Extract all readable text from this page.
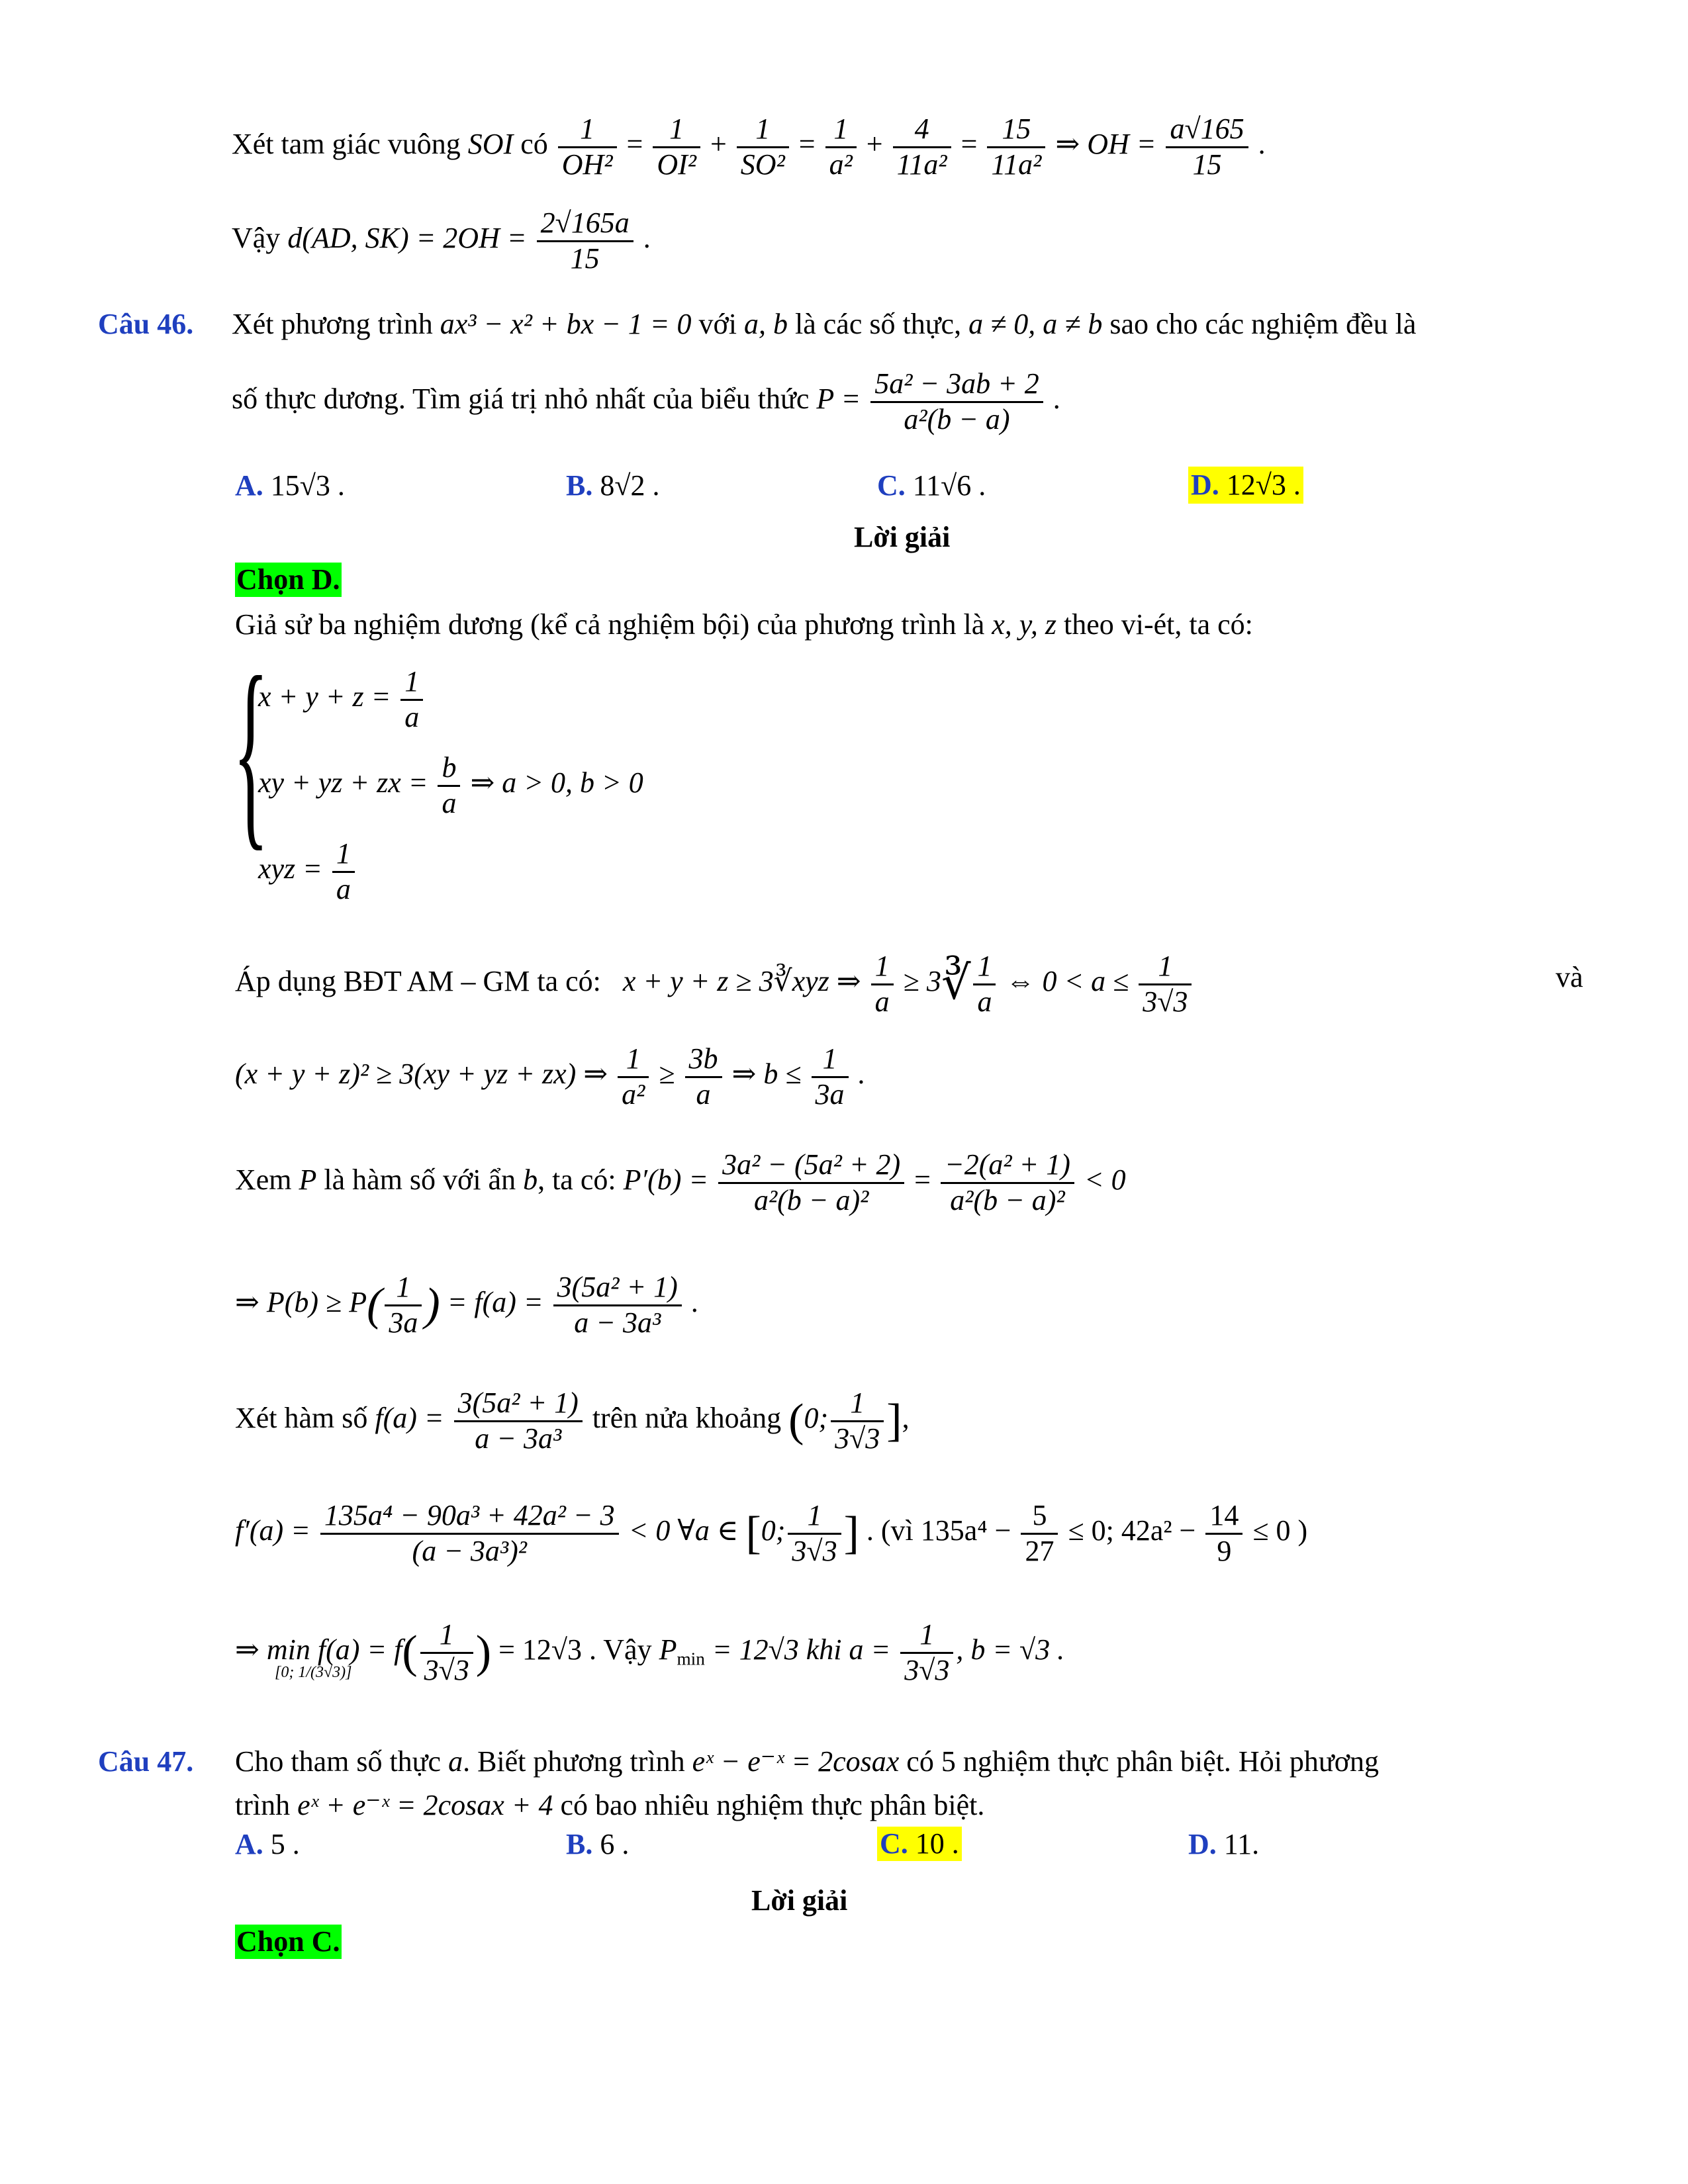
Xét tam giác vuông SOI có $\frac{1}{\text{OH²}} = \frac{1}{\text{OI²}} + \frac{1}{\text{SO²}} = \frac{1}{\text{a²}} + \frac{4}{\text{11a²}} = \frac{15}{\text{11a²}}$ ⇒ OH = $\frac{a√165}{15}$ .
Vậy d(AD, $SK) = 2OH = \frac{2√165a}{15}$ .
Câu 46. Xét phương trình ax³ − x² + bx − 1 = 0 với a, b là các số thực, a ≠ 0, a ≠ b sao cho các nghiệm đều là
số thực dương. Tìm giá trị nhỏ nhất của biểu thức $P = \frac{\text{5a² − 3ab + 2}}{\text{a²(b − a)}}$ .
A. 15√3 .	B. 8√2 .	C. 11√6 .	D. 12√3 .
Lời giải
Chọn D.
Giả sử ba nghiệm dương (kể cả nghiệm bội) của phương trình là x, y, z theo vi-ét, ta có:
{
$x + y + z = \frac{1}{a}$
xy + yz + zx = $\frac{b}{a}$ ⇒ a > 0, b > 0
xyz = $\frac{1}{a}$
Áp dụng BĐT AM – GM ta có: x + y + z ≥ 3∛xyz ⇒ $\frac{1}{a}$ ≥ 3∛ $\frac{1}{a}$ ⇔ $0 < a \le \frac{1}{3√3}$	và
(x + y + z)² ≥ 3(xy + yz + zx) ⇒ $\frac{1}{\text{a²}} \ge \frac{3b}{a}$ ⇒ $b \le \frac{1}{3a}$ .
Xem P là hàm số với ẩn b, ta có: $P'(b) = \frac{\text{3a² − (5a² + 2)}}{\text{a²(b − a)²}} = \frac{\text{−2(a² + 1)}}{\text{a²(b − a)²}} < 0$
⇒ $P(b) \ge P( \frac{1}{3a}$ ) = $f(a) = \frac{\text{3(5a² + 1)}}{\text{a − 3a³}}$ .
Xét hàm số $f(a) = \frac{\text{3(5a² + 1)}}{\text{a − 3a³}}$ trên nửa khoảng (0; $\frac{1}{3√3}$ ],
$f'(a) = \frac{\text{135a⁴ − 90a³ + 42a² − 3}}{\text{(a − 3a³)²}} < 0$ ∀a ∈ [0; $\frac{1}{3√3}$ ] . (vì $135a^4 - \frac{5}{27} \le 0$; $42a^2 - \frac{14}{9} \le 0$ )
⇒ $\min f(a) = f( \frac{1}{3√3}$ ) = 12√3 . Vậy $P_{min} = 12√3$ khi $a = \frac{1}{3√3}$ , b = √3 .
[0; 1/(3√3)]
Câu 47. Cho tham số thực a. Biết phương trình eˣ − e⁻ˣ = 2cosax có 5 nghiệm thực phân biệt. Hỏi phương
trình eˣ + e⁻ˣ = 2cosax + 4 có bao nhiêu nghiệm thực phân biệt.
A. 5 .	B. 6 .	C. 10 .	D. 11.
Lời giải
Chọn C.
